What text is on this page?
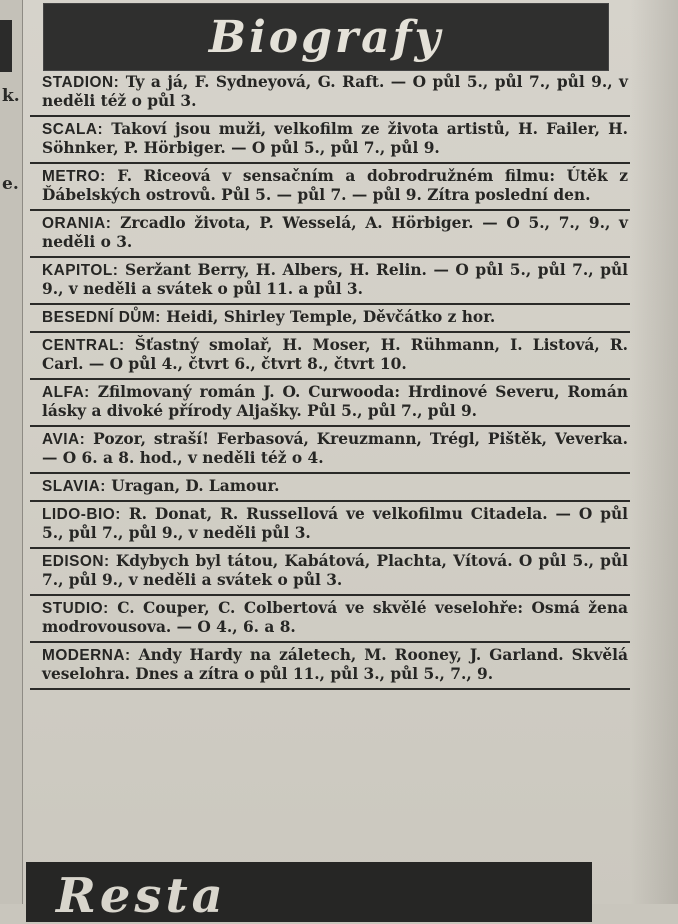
k.
e.
Biografy
STADION: Ty a já, F. Sydneyová, G. Raft. — O půl 5., půl 7., půl 9., v neděli též o půl 3.
SCALA: Takoví jsou muži, velkofilm ze života artistů, H. Failer, H. Söhnker, P. Hörbiger. — O půl 5., půl 7., půl 9.
METRO: F. Riceová v sensačním a dobrodružném filmu: Útěk z Ďábelských ostrovů. Půl 5. — půl 7. — půl 9. Zítra poslední den.
ORANIA: Zrcadlo života, P. Wesselá, A. Hörbiger. — O 5., 7., 9., v neděli o 3.
KAPITOL: Seržant Berry, H. Albers, H. Relin. — O půl 5., půl 7., půl 9., v neděli a svátek o půl 11. a půl 3.
BESEDNÍ DŮM: Heidi, Shirley Temple, Děvčátko z hor.
CENTRAL: Šťastný smolař, H. Moser, H. Rühmann, I. Listová, R. Carl. — O půl 4., čtvrt 6., čtvrt 8., čtvrt 10.
ALFA: Zfilmovaný román J. O. Curwooda: Hrdinové Severu, Román lásky a divoké přírody Aljašky. Půl 5., půl 7., půl 9.
AVIA: Pozor, straší! Ferbasová, Kreuzmann, Trégl, Pištěk, Veverka. — O 6. a 8. hod., v neděli též o 4.
SLAVIA: Uragan, D. Lamour.
LIDO-BIO: R. Donat, R. Russellová ve velkofilmu Citadela. — O půl 5., půl 7., půl 9., v neděli půl 3.
EDISON: Kdybych byl tátou, Kabátová, Plachta, Vítová. O půl 5., půl 7., půl 9., v neděli a svátek o půl 3.
STUDIO: C. Couper, C. Colbertová ve skvělé veselohře: Osmá žena modrovousova. — O 4., 6. a 8.
MODERNA: Andy Hardy na záletech, M. Rooney, J. Garland. Skvělá veselohra. Dnes a zítra o půl 11., půl 3., půl 5., 7., 9.
Resta
